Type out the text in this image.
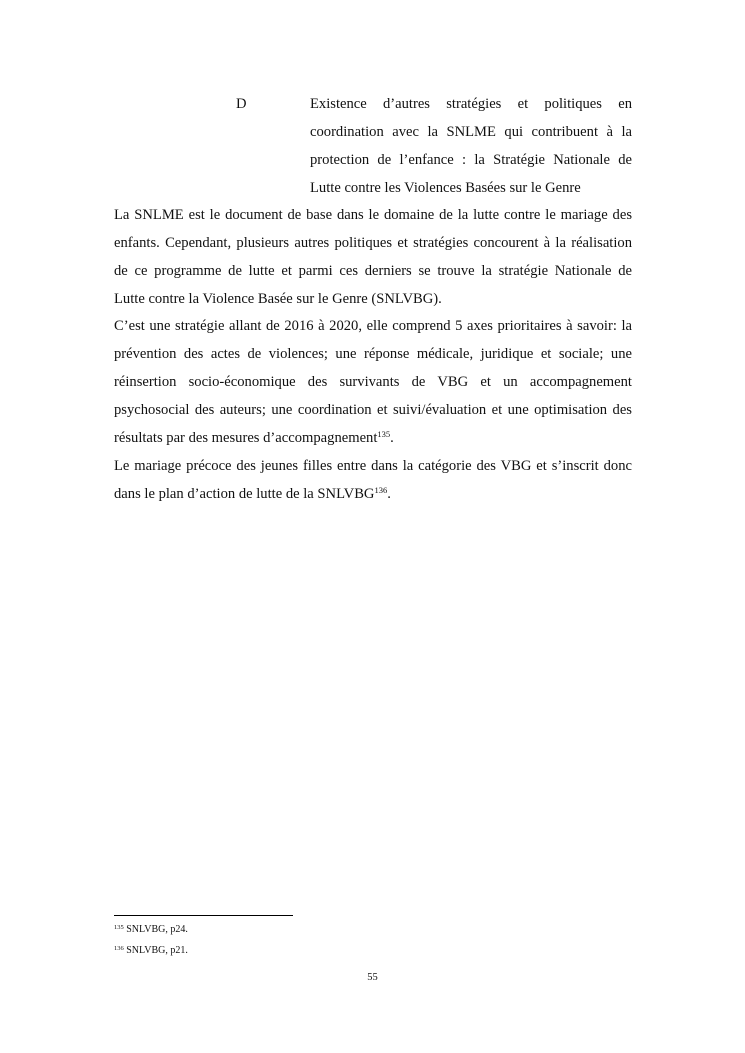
D	Existence d’autres stratégies et politiques en
coordination avec la SNLME qui contribuent à la
protection de l’enfance : la Stratégie Nationale de
Lutte contre les Violences Basées sur le Genre
La SNLME est le document de base dans le domaine de la lutte contre le mariage des
enfants. Cependant, plusieurs autres politiques et stratégies concourent à la réalisation
de ce programme de lutte et parmi ces derniers se trouve la stratégie Nationale de
Lutte contre la Violence Basée sur le Genre (SNLVBG).
C’est une stratégie allant de 2016 à 2020, elle comprend 5 axes prioritaires à savoir: la
prévention des actes de violences; une réponse médicale, juridique et sociale; une
réinsertion socio-économique des survivants de VBG et un accompagnement
psychosocial des auteurs; une coordination et suivi/évaluation et une optimisation des
résultats par des mesures d’accompagnement$^{135}$.
Le mariage précoce des jeunes filles entre dans la catégorie des VBG et s’inscrit donc
dans le plan d’action de lutte de la SNLVBG$^{136}$.
$^{135}$ SNLVBG, p24.
$^{136}$ SNLVBG, p21.
55
